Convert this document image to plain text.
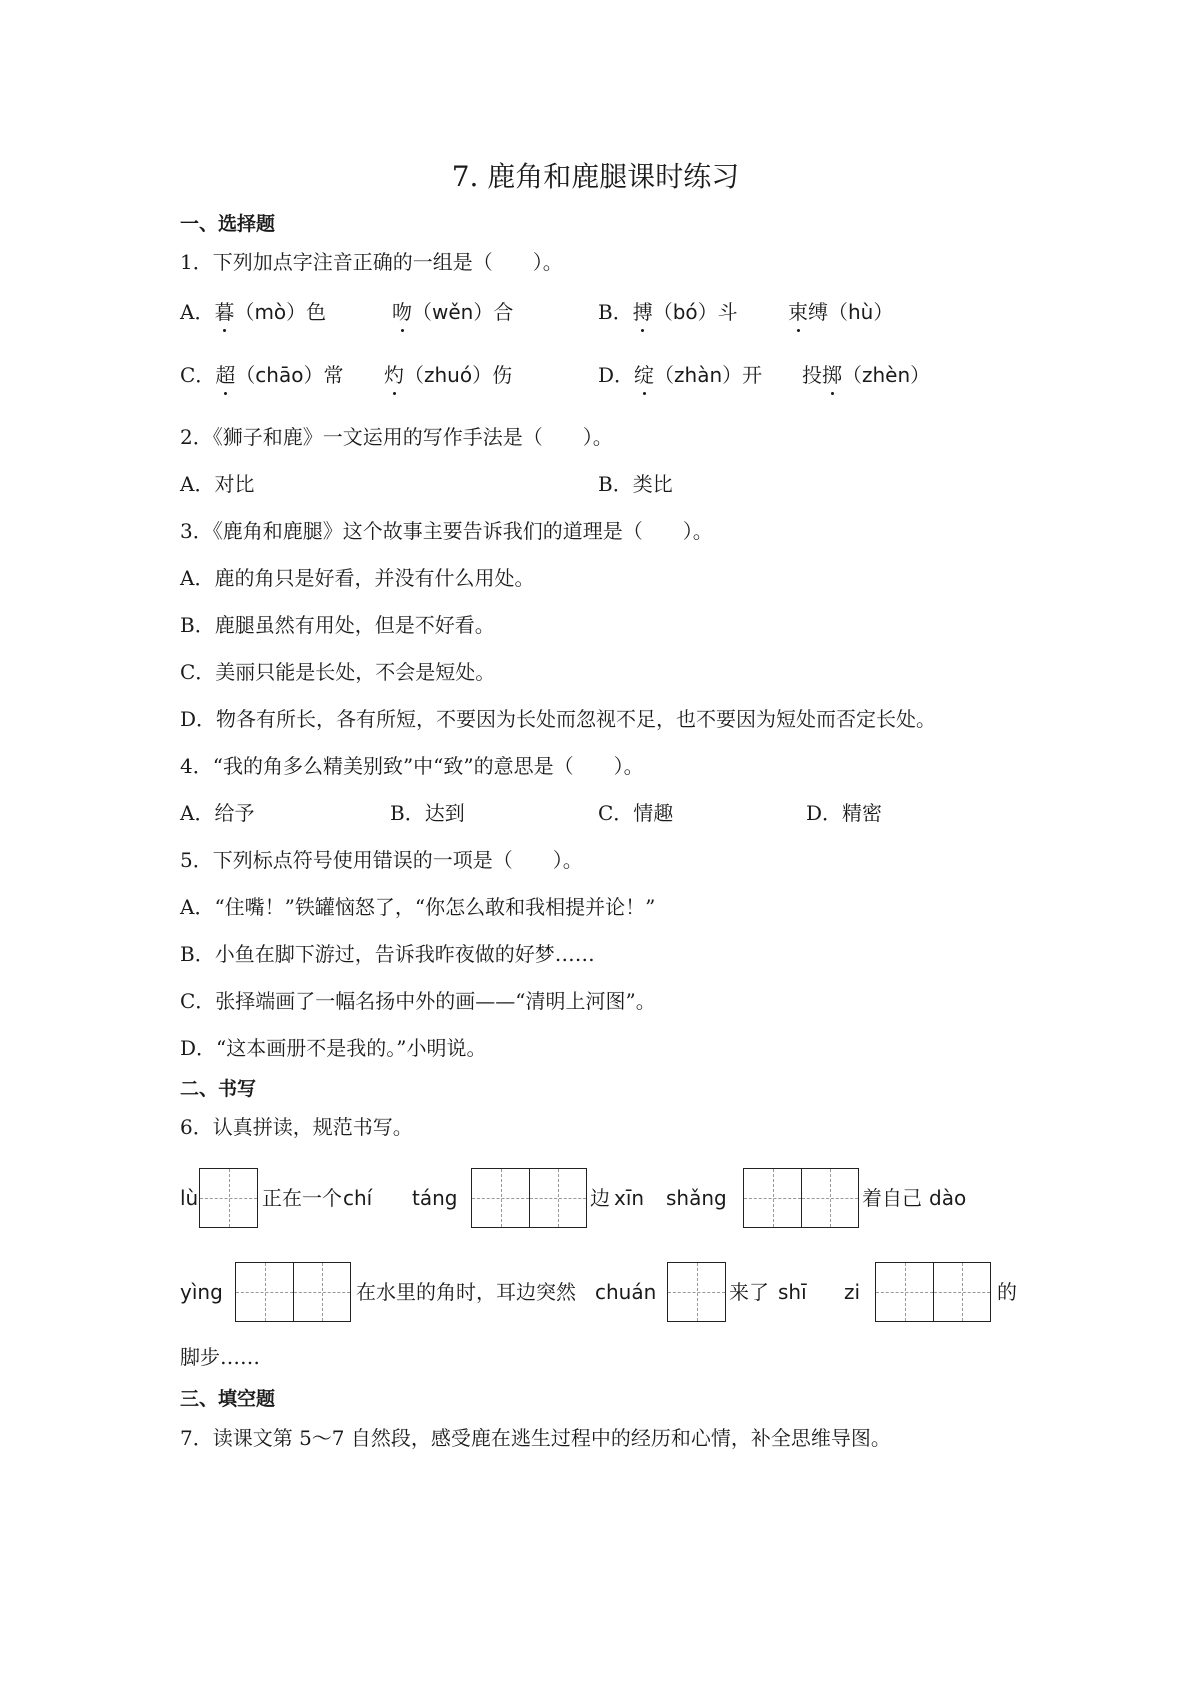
7. 鹿角和鹿腿课时练习
一、选择题
1．下列加点字注音正确的一组是（　　）。
A．暮（mò）色	吻（wěn）合	B．搏（bó）斗	束缚（hù）
C．超（chāo）常 灼（zhuó）伤	D．绽（zhàn）开 投掷（zhèn）
2．《狮子和鹿》一文运用的写作手法是（　　）。
A．对比	B．类比
3．《鹿角和鹿腿》这个故事主要告诉我们的道理是（　　）。
A．鹿的角只是好看，并没有什么用处。
B．鹿腿虽然有用处，但是不好看。
C．美丽只能是长处，不会是短处。
D．物各有所长，各有所短，不要因为长处而忽视不足，也不要因为短处而否定长处。
4．“我的角多么精美别致”中“致”的意思是（　　）。
A．给予	B．达到	C．情趣	D．精密
5．下列标点符号使用错误的一项是（　　）。
A．“住嘴！”铁罐恼怒了，“你怎么敢和我相提并论！”
B．小鱼在脚下游过，告诉我昨夜做的好梦……
C．张择端画了一幅名扬中外的画——“清明上河图”。
D．“这本画册不是我的。”小明说。
二、书写
6．认真拼读，规范书写。
lù	正在一个 chí táng	边 xīn shǎng	着自己 dào
yìng	在水里的角时，耳边突然 chuán	来了 shī zi	的
脚步……
三、填空题
7．读课文第 5～7 自然段，感受鹿在逃生过程中的经历和心情，补全思维导图。
